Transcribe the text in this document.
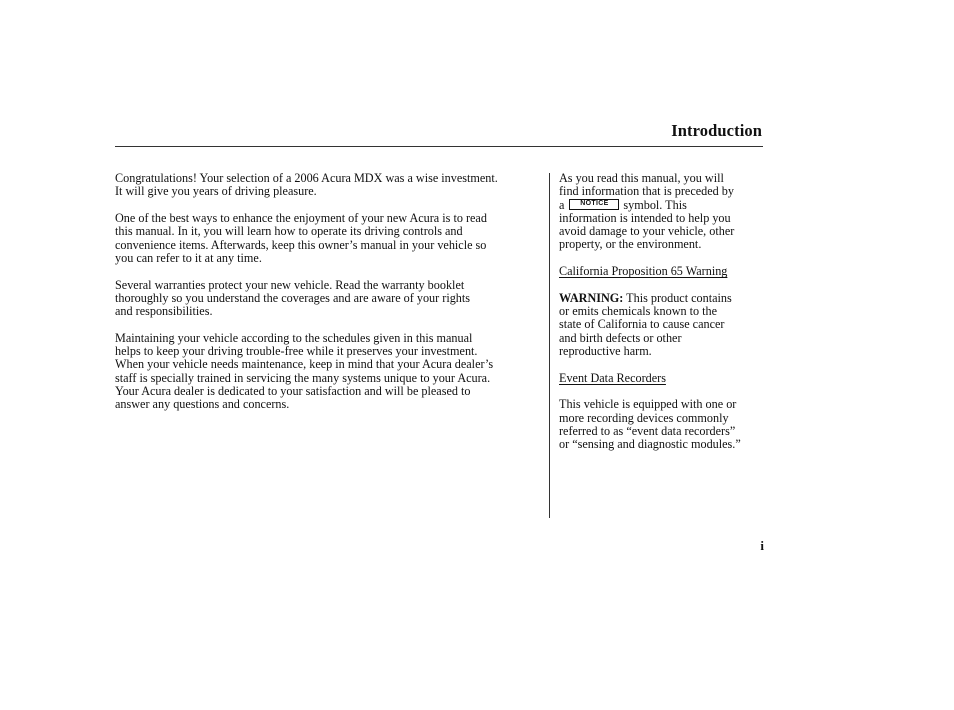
Introduction

Congratulations! Your selection of a 2006 Acura MDX was a wise investment.
It will give you years of driving pleasure.

One of the best ways to enhance the enjoyment of your new Acura is to read
this manual. In it, you will learn how to operate its driving controls and
convenience items. Afterwards, keep this owner’s manual in your vehicle so
you can refer to it at any time.

Several warranties protect your new vehicle. Read the warranty booklet
thoroughly so you understand the coverages and are aware of your rights
and responsibilities.

Maintaining your vehicle according to the schedules given in this manual
helps to keep your driving trouble-free while it preserves your investment.
When your vehicle needs maintenance, keep in mind that your Acura dealer’s
staff is specially trained in servicing the many systems unique to your Acura.
Your Acura dealer is dedicated to your satisfaction and will be pleased to
answer any questions and concerns.

As you read this manual, you will
find information that is preceded by
a	NOTICE	symbol. This
information is intended to help you
avoid damage to your vehicle, other
property, or the environment.

California Proposition 65 Warning

WARNING: This product contains
or emits chemicals known to the
state of California to cause cancer
and birth defects or other
reproductive harm.

Event Data Recorders

This vehicle is equipped with one or
more recording devices commonly
referred to as “event data recorders”
or “sensing and diagnostic modules.”

i
